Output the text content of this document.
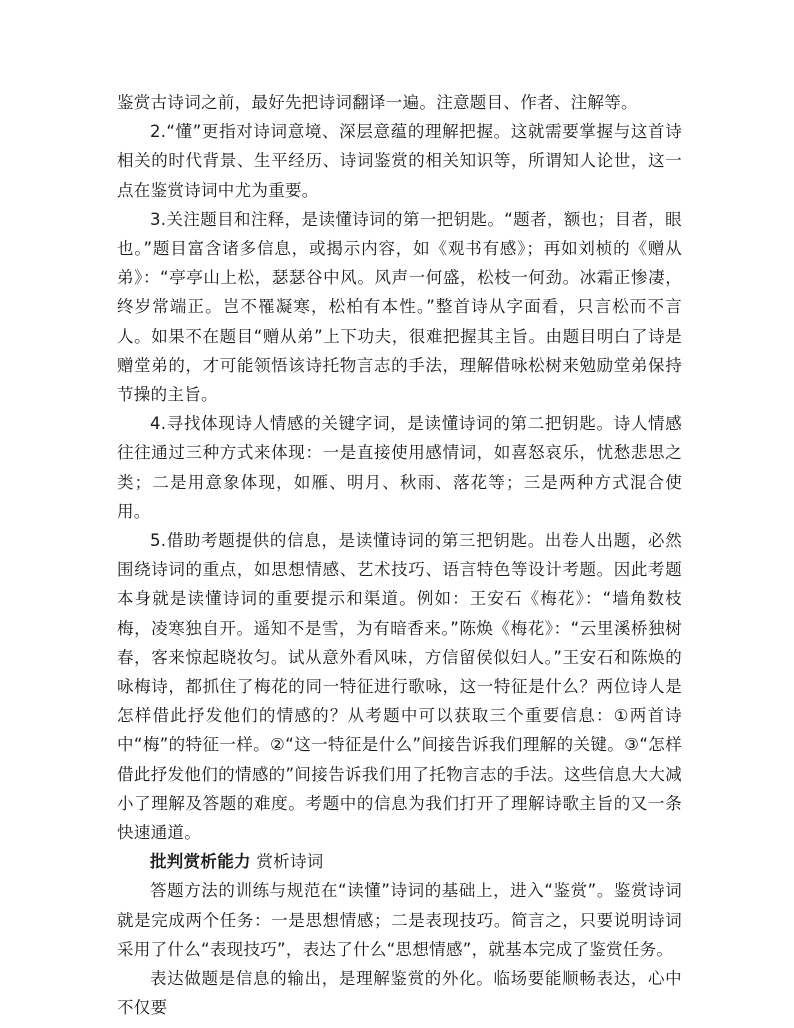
鉴赏古诗词之前，最好先把诗词翻译一遍。注意题目、作者、注解等。

2.“懂”更指对诗词意境、深层意蕴的理解把握。这就需要掌握与这首诗相关的时代背景、生平经历、诗词鉴赏的相关知识等，所谓知人论世，这一点在鉴赏诗词中尤为重要。

3.关注题目和注释，是读懂诗词的第一把钥匙。“题者，额也；目者，眼也。”题目富含诸多信息，或揭示内容，如《观书有感》；再如刘桢的《赠从弟》：“亭亭山上松，瑟瑟谷中风。风声一何盛，松枝一何劲。冰霜正惨凄，终岁常端正。岂不罹凝寒，松柏有本性。”整首诗从字面看，只言松而不言人。如果不在题目“赠从弟”上下功夫，很难把握其主旨。由题目明白了诗是赠堂弟的，才可能领悟该诗托物言志的手法，理解借咏松树来勉励堂弟保持节操的主旨。

4.寻找体现诗人情感的关键字词，是读懂诗词的第二把钥匙。诗人情感往往通过三种方式来体现：一是直接使用感情词，如喜怒哀乐，忧愁悲思之类；二是用意象体现，如雁、明月、秋雨、落花等；三是两种方式混合使用。

5.借助考题提供的信息，是读懂诗词的第三把钥匙。出卷人出题，必然围绕诗词的重点，如思想情感、艺术技巧、语言特色等设计考题。因此考题本身就是读懂诗词的重要提示和渠道。例如：王安石《梅花》：“墙角数枝梅，凌寒独自开。遥知不是雪，为有暗香来。”陈焕《梅花》：“云里溪桥独树春，客来惊起晓妆匀。试从意外看风味，方信留侯似妇人。”王安石和陈焕的咏梅诗，都抓住了梅花的同一特征进行歌咏，这一特征是什么？两位诗人是怎样借此抒发他们的情感的？从考题中可以获取三个重要信息：①两首诗中“梅”的特征一样。②“这一特征是什么”间接告诉我们理解的关键。③“怎样借此抒发他们的情感的”间接告诉我们用了托物言志的手法。这些信息大大减小了理解及答题的难度。考题中的信息为我们打开了理解诗歌主旨的又一条快速通道。

批判赏析能力 赏析诗词

答题方法的训练与规范在“读懂”诗词的基础上，进入“鉴赏”。鉴赏诗词就是完成两个任务：一是思想情感；二是表现技巧。简言之，只要说明诗词采用了什么“表现技巧”，表达了什么“思想情感”，就基本完成了鉴赏任务。

表达做题是信息的输出，是理解鉴赏的外化。临场要能顺畅表达，心中不仅要
